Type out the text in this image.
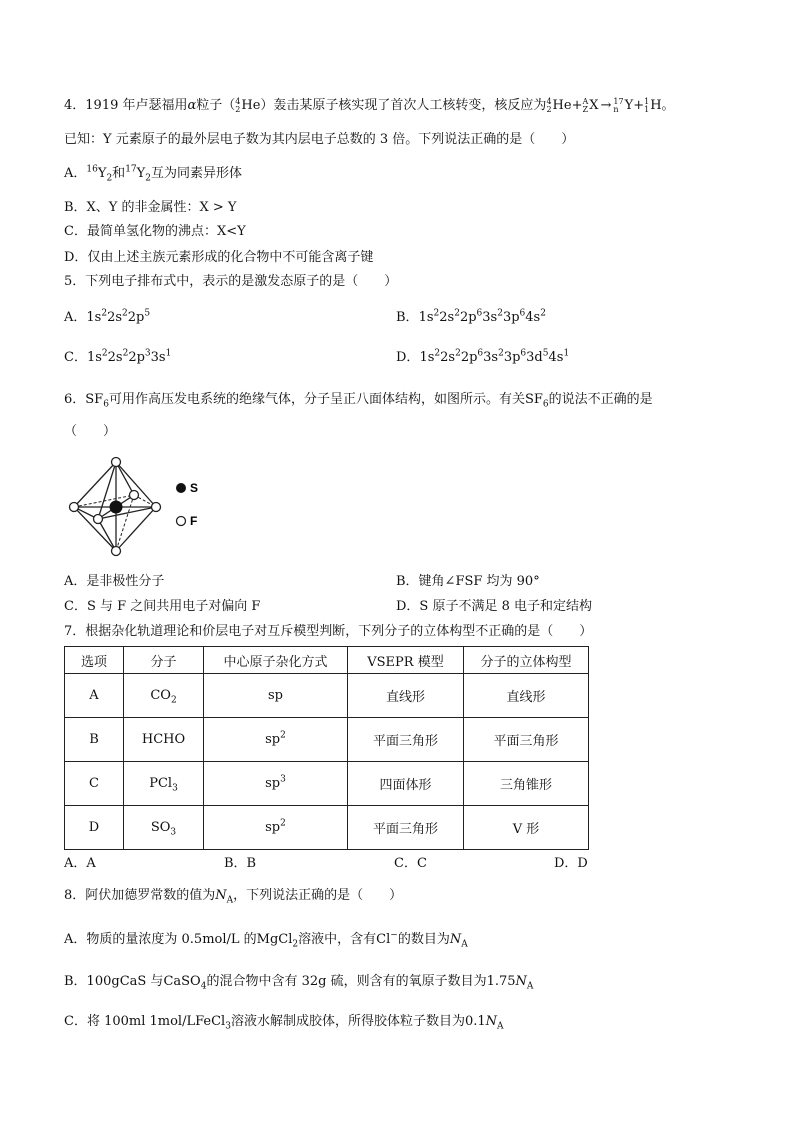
4．1919 年卢瑟福用α粒子（ 4
2 He）轰击某原子核实现了首次人工核转变，核反应为 4
2 He+ A
Z X → 17
n Y+ 1
1 H。
已知：Y 元素原子的最外层电子数为其内层电子总数的 3 倍。下列说法正确的是（　　）
A．$^{16}Y_2$和$^{17}Y_2$互为同素异形体
B．X、Y 的非金属性：X > Y
C．最简单氢化物的沸点：X<Y
D．仅由上述主族元素形成的化合物中不可能含离子键
5．下列电子排布式中，表示的是激发态原子的是（　　）
A．$1s^22s^22p^5$	B．$1s^22s^22p^63s^23p^64s^2$
C．$1s^22s^22p^33s^1$	D．$1s^22s^22p^63s^23p^63d^54s^1$
6．$SF_6$可用作高压发电系统的绝缘气体，分子呈正八面体结构，如图所示。有关$SF_6$的说法不正确的是
（　　）
S
F
A．是非极性分子	B．键角∠FSF 均为 90°
C．S 与 F 之间共用电子对偏向 F	D．S 原子不满足 8 电子和定结构
7．根据杂化轨道理论和价层电子对互斥模型判断，下列分子的立体构型不正确的是（　　）
选项	分子	中心原子杂化方式	VSEPR 模型	分子的立体构型
A	$CO_2$	sp	直线形	直线形
B	HCHO	$sp^2$	平面三角形	平面三角形
C	PCl$_3$	$sp^3$	四面体形	三角锥形
D	$SO_3$	$sp^2$	平面三角形	V 形
A．A	B．B	C．C	D．D
8．阿伏加德罗常数的值为$N_A$，下列说法正确的是（　　）
A．物质的量浓度为 0.5mol/L 的MgCl$_2$溶液中，含有Cl−的数目为$N_A$
B．100gCaS 与CaSO$_4$的混合物中含有 32g 硫，则含有的氧原子数目为$1.75N_A$
C．将 100ml 1mol/LFeCl$_3$溶液水解制成胶体，所得胶体粒子数目为$0.1N_A$
